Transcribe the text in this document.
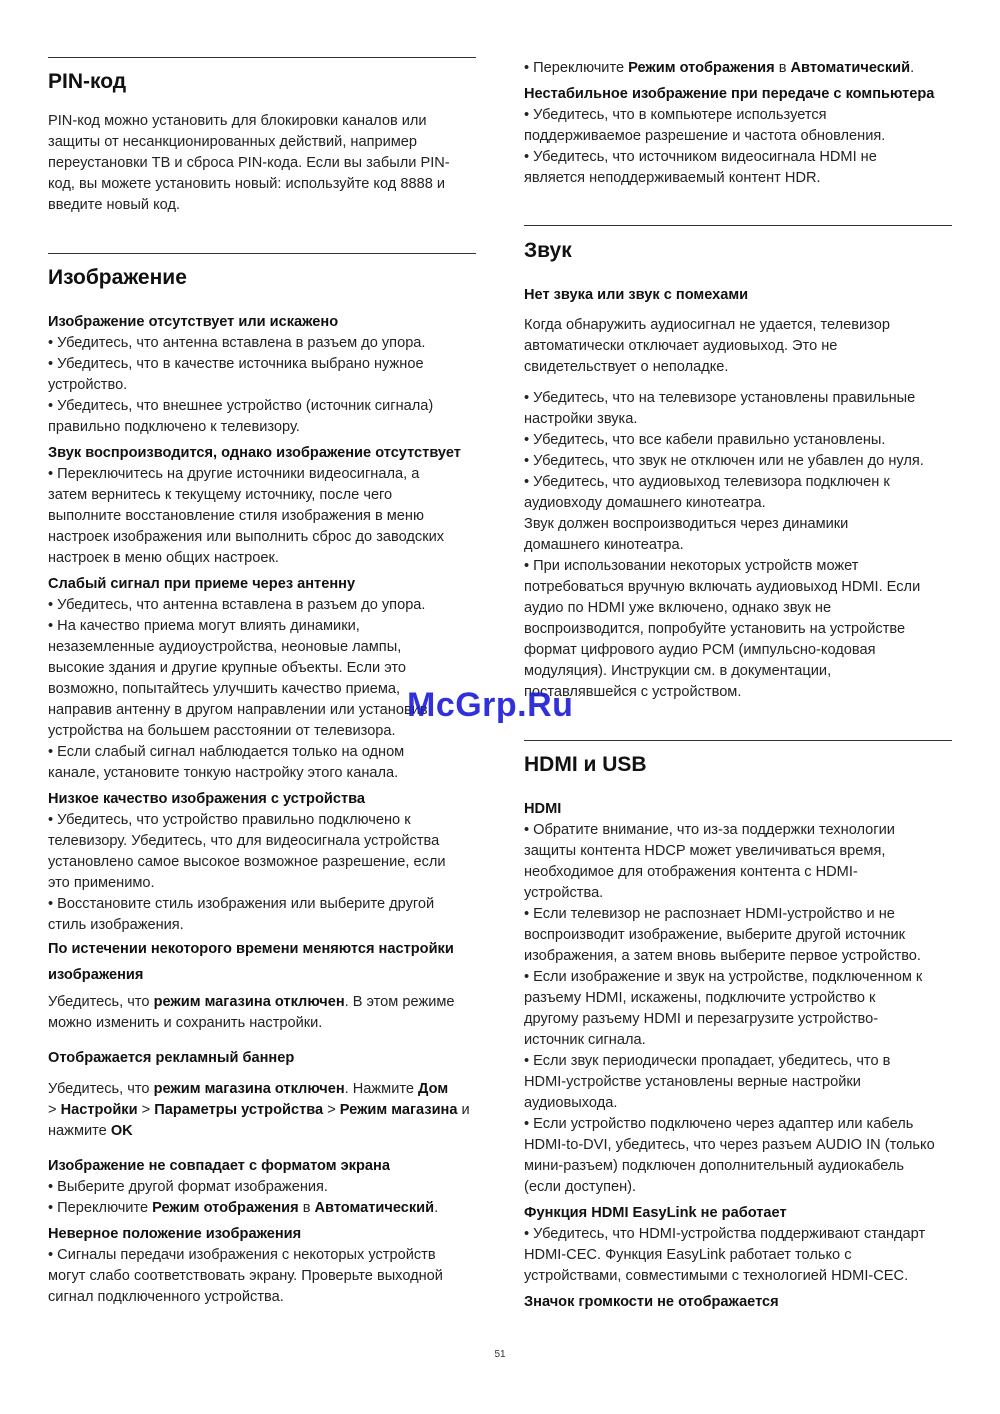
PIN-код

PIN-код можно установить для блокировки каналов или

защиты от несанкционированных действий, например

переустановки ТВ и сброса PIN-кода. Если вы забыли PIN-

код, вы можете установить новый: используйте код 8888 и

введите новый код.

Изображение

Изображение отсутствует или искажено

• Убедитесь, что антенна вставлена в разъем до упора.

• Убедитесь, что в качестве источника выбрано нужное

устройство.

• Убедитесь, что внешнее устройство (источник сигнала)

правильно подключено к телевизору.

Звук воспроизводится, однако изображение отсутствует

• Переключитесь на другие источники видеосигнала, а

затем вернитесь к текущему источнику, после чего

выполните восстановление стиля изображения в меню

настроек изображения или выполнить сброс до заводских

настроек в меню общих настроек.

Слабый сигнал при приеме через антенну

• Убедитесь, что антенна вставлена в разъем до упора.

• На качество приема могут влиять динамики,

незаземленные аудиоустройства, неоновые лампы,

высокие здания и другие крупные объекты. Если это

возможно, попытайтесь улучшить качество приема,

направив антенну в другом направлении или установив

устройства на большем расстоянии от телевизора.

• Если слабый сигнал наблюдается только на одном

канале, установите тонкую настройку этого канала.

Низкое качество изображения с устройства

• Убедитесь, что устройство правильно подключено к

телевизору. Убедитесь, что для видеосигнала устройства

установлено самое высокое возможное разрешение, если

это применимо.

• Восстановите стиль изображения или выберите другой

стиль изображения.

По истечении некоторого времени меняются настройки

изображения

Убедитесь, что режим магазина отключен. В этом режиме

можно изменить и сохранить настройки.

Отображается рекламный баннер

Убедитесь, что режим магазина отключен. Нажмите Дом

> Настройки > Параметры устройства > Режим магазина и

нажмите OK

Изображение не совпадает с форматом экрана

• Выберите другой формат изображения.

• Переключите Режим отображения в Автоматический.

Неверное положение изображения

• Сигналы передачи изображения с некоторых устройств

могут слабо соответствовать экрану. Проверьте выходной

сигнал подключенного устройства.

• Переключите Режим отображения в Автоматический.

Нестабильное изображение при передаче с компьютера

• Убедитесь, что в компьютере используется

поддерживаемое разрешение и частота обновления.

• Убедитесь, что источником видеосигнала HDMI не

является неподдерживаемый контент HDR.

Звук

Нет звука или звук с помехами

Когда обнаружить аудиосигнал не удается, телевизор

автоматически отключает аудиовыход. Это не

свидетельствует о неполадке.

• Убедитесь, что на телевизоре установлены правильные

настройки звука.

• Убедитесь, что все кабели правильно установлены.

• Убедитесь, что звук не отключен или не убавлен до нуля.

• Убедитесь, что аудиовыход телевизора подключен к

аудиовходу домашнего кинотеатра.

Звук должен воспроизводиться через динамики

домашнего кинотеатра.

• При использовании некоторых устройств может

потребоваться вручную включать аудиовыход HDMI. Если

аудио по HDMI уже включено, однако звук не

воспроизводится, попробуйте установить на устройстве

формат цифрового аудио PCM (импульсно-кодовая

модуляция). Инструкции см. в документации,

поставлявшейся с устройством.

HDMI и USB

HDMI

• Обратите внимание, что из-за поддержки технологии

защиты контента HDCP может увеличиваться время,

необходимое для отображения контента с HDMI-

устройства.

• Если телевизор не распознает HDMI-устройство и не

воспроизводит изображение, выберите другой источник

изображения, а затем вновь выберите первое устройство.

• Если изображение и звук на устройстве, подключенном к

разъему HDMI, искажены, подключите устройство к

другому разъему HDMI и перезагрузите устройство-

источник сигнала.

• Если звук периодически пропадает, убедитесь, что в

HDMI-устройстве установлены верные настройки

аудиовыхода.

• Если устройство подключено через адаптер или кабель

HDMI-to-DVI, убедитесь, что через разъем AUDIO IN (только

мини-разъем) подключен дополнительный аудиокабель

(если доступен).

Функция HDMI EasyLink не работает

• Убедитесь, что HDMI-устройства поддерживают стандарт

HDMI-CEC. Функция EasyLink работает только с

устройствами, совместимыми с технологией HDMI-CEC.

Значок громкости не отображается

McGrp.Ru
51
